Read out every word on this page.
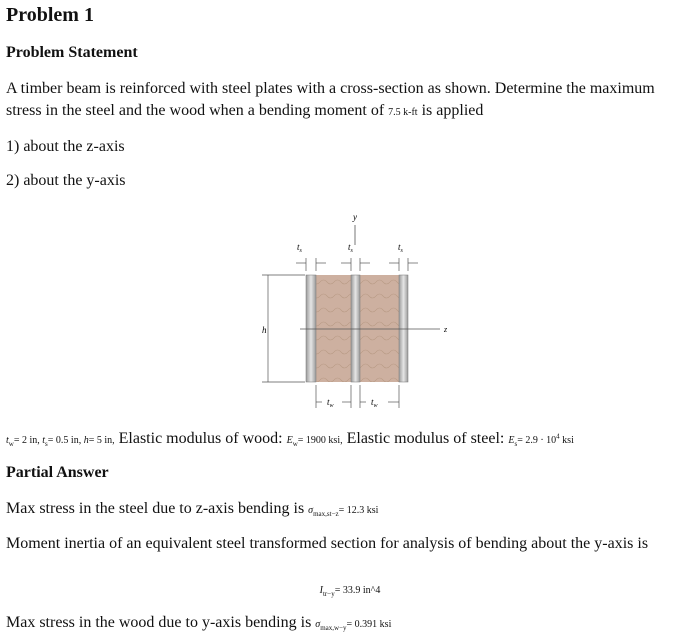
Problem 1
Problem Statement
A timber beam is reinforced with steel plates with a cross-section as shown. Determine the maximum stress in the steel and the wood when a bending moment of 7.5 k-ft is applied
1) about the z-axis
2) about the y-axis
y
$t_s$	$t_s$	$t_s$
h	z
$t_w$	$t_w$
$t_w= 2$ in, $t_s= 0.5$ in, h= 5 in, Elastic modulus of wood: $E_w= 1900$ ksi, Elastic modulus of steel: $E_s= 2.9 \cdot 10^4$ ksi
Partial Answer
Max stress in the steel due to z-axis bending is $\sigma_{max,st-z}= 12.3$ ksi
Moment inertia of an equivalent steel transformed section for analysis of bending about the y-axis is
$I_{tr-y}= 33.9$ in^4
Max stress in the wood due to y-axis bending is $\sigma_{max,w-y}= 0.391$ ksi
